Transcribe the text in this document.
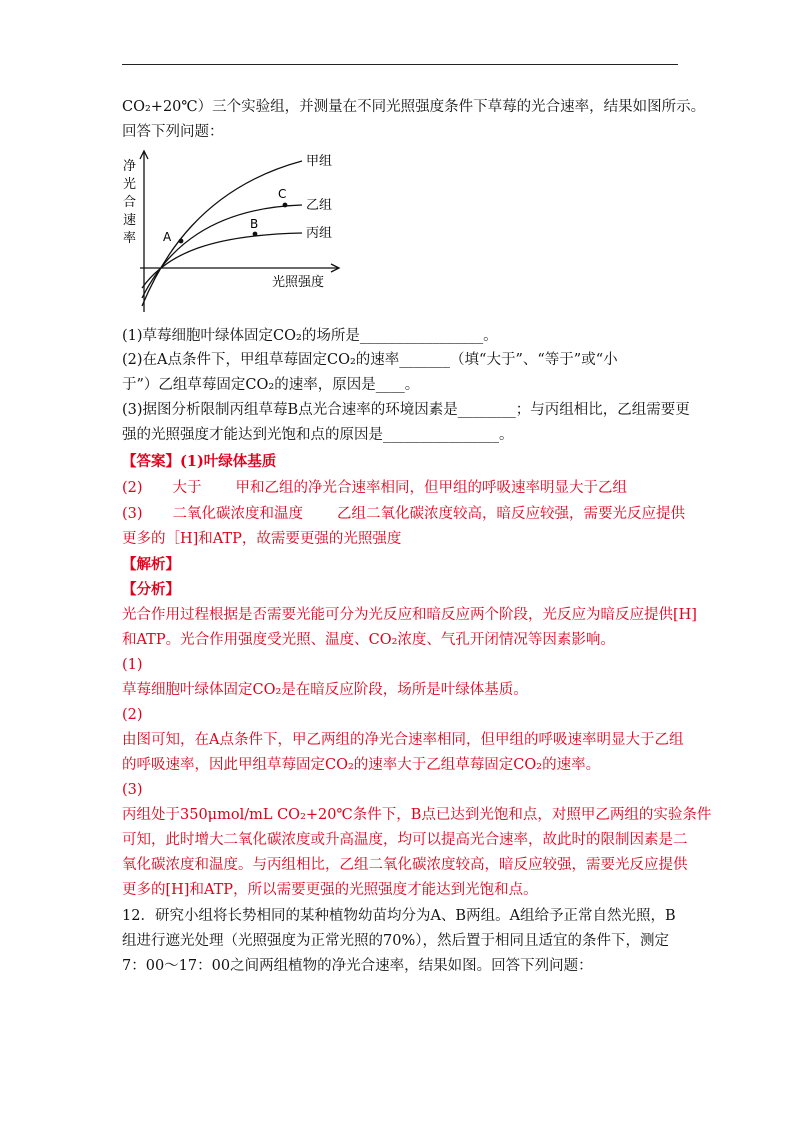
CO₂+20℃）三个实验组，并测量在不同光照强度条件下草莓的光合速率，结果如图所示。
回答下列问题：
净
光
合
速
率 A
C
B
甲组
乙组
丙组
光照强度
(1)草莓细胞叶绿体固定CO₂的场所是_________________。
(2)在A点条件下，甲组草莓固定CO₂的速率_______（填“大于”、“等于”或“小
于”）乙组草莓固定CO₂的速率，原因是____。
(3)据图分析限制丙组草莓B点光合速率的环境因素是________；与丙组相比，乙组需要更
强的光照强度才能达到光饱和点的原因是________________。
【答案】(1)叶绿体基质
(2) 大于 甲和乙组的净光合速率相同，但甲组的呼吸速率明显大于乙组
(3) 二氧化碳浓度和温度 乙组二氧化碳浓度较高，暗反应较强，需要光反应提供
更多的［H]和ATP，故需要更强的光照强度
【解析】
【分析】
光合作用过程根据是否需要光能可分为光反应和暗反应两个阶段，光反应为暗反应提供[H]
和ATP。光合作用强度受光照、温度、CO₂浓度、气孔开闭情况等因素影响。
(1)
草莓细胞叶绿体固定CO₂是在暗反应阶段，场所是叶绿体基质。
(2)
由图可知，在A点条件下，甲乙两组的净光合速率相同，但甲组的呼吸速率明显大于乙组
的呼吸速率，因此甲组草莓固定CO₂的速率大于乙组草莓固定CO₂的速率。
(3)
丙组处于350μmol/mL CO₂+20℃条件下，B点已达到光饱和点，对照甲乙两组的实验条件
可知，此时增大二氧化碳浓度或升高温度，均可以提高光合速率，故此时的限制因素是二
氧化碳浓度和温度。与丙组相比，乙组二氧化碳浓度较高，暗反应较强，需要光反应提供
更多的[H]和ATP，所以需要更强的光照强度才能达到光饱和点。
12．研究小组将长势相同的某种植物幼苗均分为A、B两组。A组给予正常自然光照，B
组进行遮光处理（光照强度为正常光照的70%），然后置于相同且适宜的条件下，测定
7：00～17：00之间两组植物的净光合速率，结果如图。回答下列问题：
